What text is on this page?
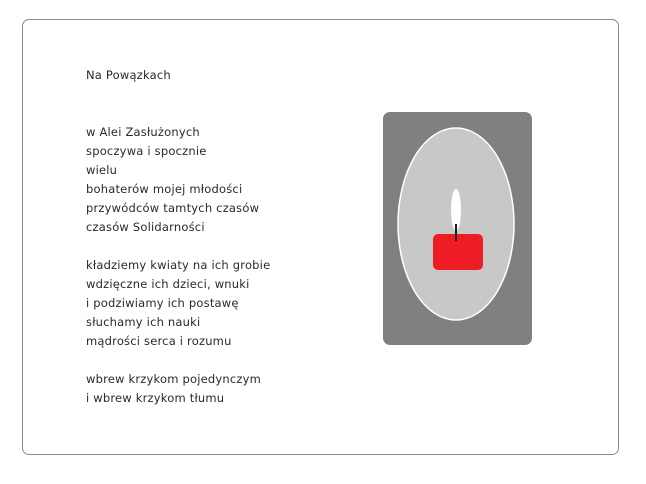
Na Powązkach
w Alei Zasłużonych
spoczywa i spocznie
wielu
bohaterów mojej młodości
przywódców tamtych czasów
czasów Solidarności
kładziemy kwiaty na ich grobie
wdzięczne ich dzieci, wnuki
i podziwiamy ich postawę
słuchamy ich nauki
mądrości serca i rozumu
wbrew krzykom pojedynczym
i wbrew krzykom tłumu
